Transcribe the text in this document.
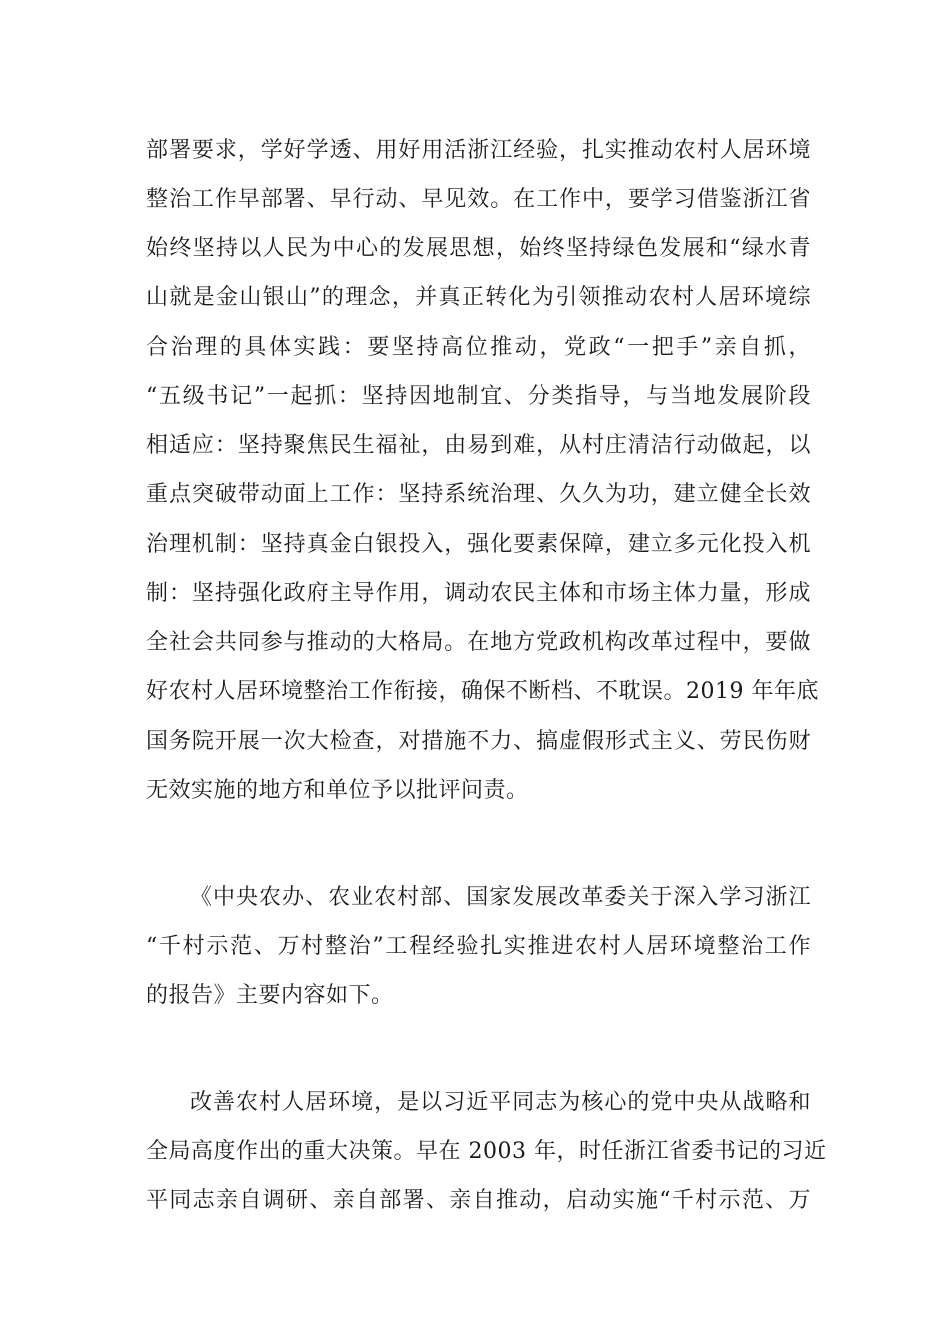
部署要求，学好学透、用好用活浙江经验，扎实推动农村人居环境
整治工作早部署、早行动、早见效。在工作中，要学习借鉴浙江省
始终坚持以人民为中心的发展思想，始终坚持绿色发展和“绿水青
山就是金山银山”的理念，并真正转化为引领推动农村人居环境综
合治理的具体实践：要坚持高位推动，党政“一把手”亲自抓，
“五级书记”一起抓：坚持因地制宜、分类指导，与当地发展阶段
相适应：坚持聚焦民生福祉，由易到难，从村庄清洁行动做起，以
重点突破带动面上工作：坚持系统治理、久久为功，建立健全长效
治理机制：坚持真金白银投入，强化要素保障，建立多元化投入机
制：坚持强化政府主导作用，调动农民主体和市场主体力量，形成
全社会共同参与推动的大格局。在地方党政机构改革过程中，要做
好农村人居环境整治工作衔接，确保不断档、不耽误。2019 年年底
国务院开展一次大检查，对措施不力、搞虚假形式主义、劳民伤财
无效实施的地方和单位予以批评问责。
《中央农办、农业农村部、国家发展改革委关于深入学习浙江
“千村示范、万村整治”工程经验扎实推进农村人居环境整治工作
的报告》主要内容如下。
改善农村人居环境，是以习近平同志为核心的党中央从战略和
全局高度作出的重大决策。早在 2003 年，时任浙江省委书记的习近
平同志亲自调研、亲自部署、亲自推动，启动实施“千村示范、万
